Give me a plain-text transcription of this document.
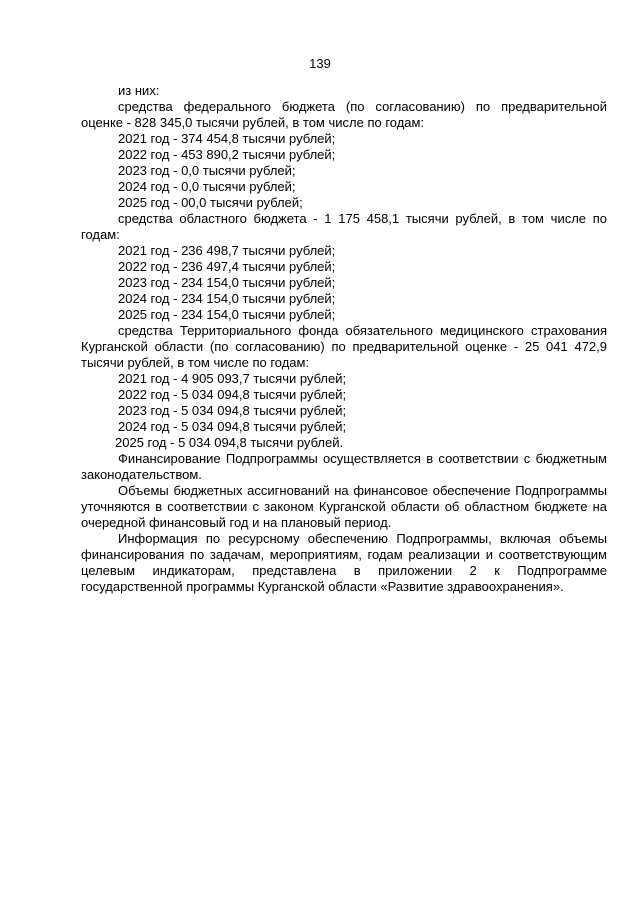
139

из них:

средства федерального бюджета (по согласованию) по предварительной оценке - 828 345,0 тысячи рублей, в том числе по годам:

2021 год - 374 454,8 тысячи рублей;

2022 год - 453 890,2 тысячи рублей;

2023 год - 0,0 тысячи рублей;

2024 год - 0,0 тысячи рублей;

2025 год - 00,0 тысячи рублей;

средства областного бюджета - 1 175 458,1 тысячи рублей, в том числе по годам:

2021 год - 236 498,7 тысячи рублей;

2022 год - 236 497,4 тысячи рублей;

2023 год - 234 154,0 тысячи рублей;

2024 год - 234 154,0 тысячи рублей;

2025 год - 234 154,0 тысячи рублей;

средства Территориального фонда обязательного медицинского страхования Курганской области (по согласованию) по предварительной оценке - 25 041 472,9 тысячи рублей, в том числе по годам:

2021 год - 4 905 093,7 тысячи рублей;

2022 год - 5 034 094,8 тысячи рублей;

2023 год - 5 034 094,8 тысячи рублей;

2024 год - 5 034 094,8 тысячи рублей;

2025 год - 5 034 094,8 тысячи рублей.

Финансирование Подпрограммы осуществляется в соответствии с бюджетным законодательством.

Объемы бюджетных ассигнований на финансовое обеспечение Подпрограммы уточняются в соответствии с законом Курганской области об областном бюджете на очередной финансовый год и на плановый период.

Информация по ресурсному обеспечению Подпрограммы, включая объемы финансирования по задачам, мероприятиям, годам реализации и соответствующим целевым индикаторам, представлена в приложении 2 к Подпрограмме государственной программы Курганской области «Развитие здравоохранения».
